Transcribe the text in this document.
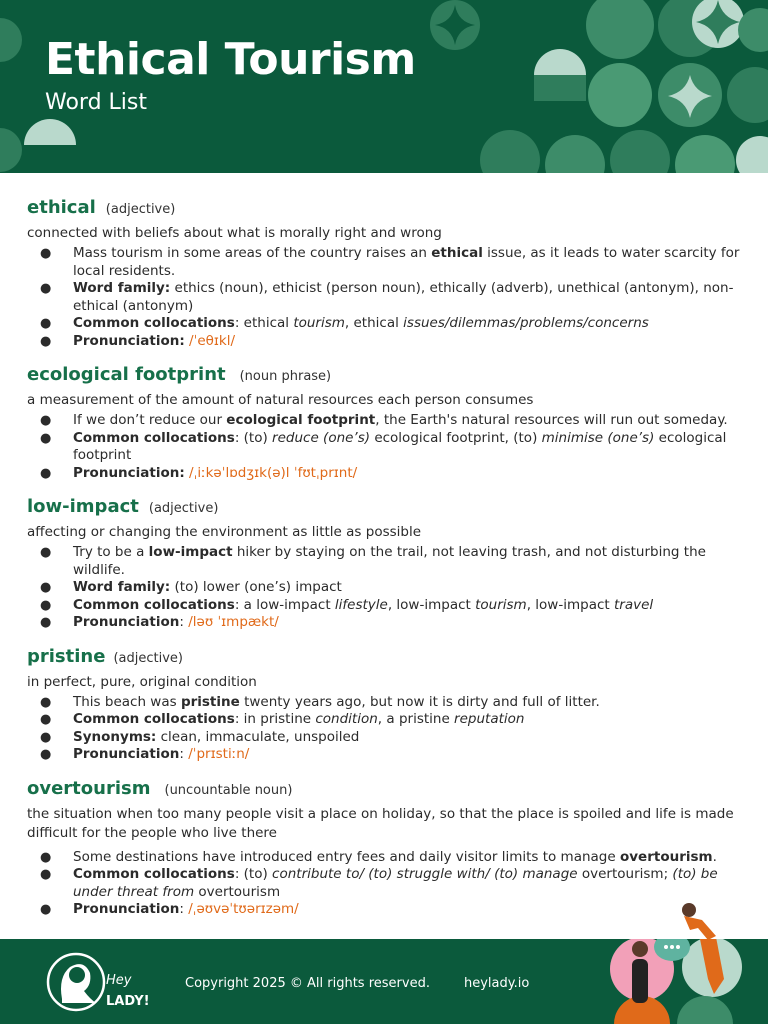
Ethical Tourism
Word List
ethical (adjective)
connected with beliefs about what is morally right and wrong
● Mass tourism in some areas of the country raises an ethical issue, as it leads to water scarcity for local residents.
● Word family: ethics (noun), ethicist (person noun), ethically (adverb), unethical (antonym), non-ethical (antonym)
● Common collocations: ethical tourism, ethical issues/dilemmas/problems/concerns
● Pronunciation: /ˈeθɪkl/
ecological footprint (noun phrase)
a measurement of the amount of natural resources each person consumes
● If we don’t reduce our ecological footprint, the Earth's natural resources will run out someday.
● Common collocations: (to) reduce (one’s) ecological footprint, (to) minimise (one’s) ecological footprint
● Pronunciation: /ˌiːkəˈlɒdʒɪk(ə)l ˈfʊtˌprɪnt/
low-impact (adjective)
affecting or changing the environment as little as possible
● Try to be a low-impact hiker by staying on the trail, not leaving trash, and not disturbing the wildlife.
● Word family: (to) lower (one’s) impact
● Common collocations: a low-impact lifestyle, low-impact tourism, low-impact travel
● Pronunciation: /ləʊ ˈɪmpækt/
pristine (adjective)
in perfect, pure, original condition
● This beach was pristine twenty years ago, but now it is dirty and full of litter.
● Common collocations: in pristine condition, a pristine reputation
● Synonyms: clean, immaculate, unspoiled
● Pronunciation: /ˈprɪstiːn/
overtourism (uncountable noun)
the situation when too many people visit a place on holiday, so that the place is spoiled and life is made difficult for the people who live there
● Some destinations have introduced entry fees and daily visitor limits to manage overtourism.
● Common collocations: (to) contribute to/ (to) struggle with/ (to) manage overtourism; (to) be under threat from overtourism
● Pronunciation: /ˌəʊvəˈtʊərɪzəm/
Hey
LADY!
Copyright 2025 © All rights reserved.	heylady.io
